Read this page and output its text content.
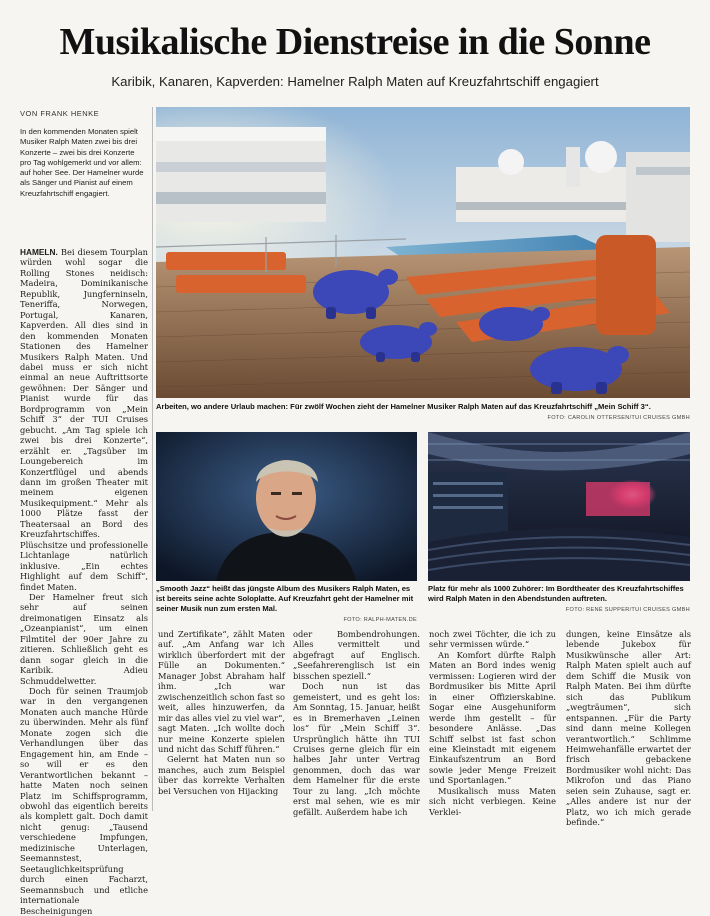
Musikalische Dienstreise in die Sonne
Karibik, Kanaren, Kapverden: Hamelner Ralph Maten auf Kreuzfahrtschiff engagiert
VON FRANK HENKE
In den kommenden Monaten spielt Musiker Ralph Maten zwei bis drei Konzerte – zwei bis drei Konzerte pro Tag wohlgemerkt und vor allem: auf hoher See. Der Hamelner wurde als Sänger und Pianist auf einem Kreuzfahrtschiff engagiert.
Arbeiten, wo andere Urlaub machen: Für zwölf Wochen zieht der Hamelner Musiker Ralph Maten auf das Kreuzfahrtschiff „Mein Schiff 3“.
FOTO: CAROLIN OTTERSEN/TUI CRUISES GMBH
„Smooth Jazz“ heißt das jüngste Album des Musikers Ralph Maten, es ist bereits seine achte Soloplatte. Auf Kreuzfahrt geht der Hamelner mit seiner Musik nun zum ersten Mal.
FOTO: RALPH-MATEN.DE
Platz für mehr als 1000 Zuhörer: Im Bordtheater des Kreuzfahrtschiffes wird Ralph Maten in den Abendstunden auftreten.
FOTO: RENÉ SUPPER/TUI CRUISES GMBH

HAMELN. Bei diesem Tourplan würden wohl sogar die Rolling Stones neidisch: Madeira, Dominikanische Republik, Jungferninseln, Teneriffa, Norwegen, Portugal, Kanaren, Kapverden. All dies sind in den kommenden Monaten Stationen des Hamelner Musikers Ralph Maten. Und dabei muss er sich nicht einmal an neue Auftrittsorte gewöhnen: Der Sänger und Pianist wurde für das Bordprogramm von „Mein Schiff 3“ der TUI Cruises gebucht. „Am Tag spiele ich zwei bis drei Konzerte“, erzählt er. „Tagsüber im Loungebereich im Konzertflügel und abends dann im großen Theater mit meinem eigenen Musikequipment.“ Mehr als 1000 Plätze fasst der Theatersaal an Bord des Kreuzfahrtschiffes. Plüschsitze und professionelle Lichtanlage natürlich inklusive. „Ein echtes Highlight auf dem Schiff“, findet Maten.

Der Hamelner freut sich sehr auf seinen dreimonatigen Einsatz als „Ozeanpianist“, um einen Filmtitel der 90er Jahre zu zitieren. Schließlich geht es dann sogar gleich in die Karibik. Adieu Schmuddelwetter.

Doch für seinen Traumjob war in den vergangenen Monaten auch manche Hürde zu überwinden. Mehr als fünf Monate zogen sich die Verhandlungen über das Engagement hin, am Ende – so will er es den Verantwortlichen bekannt – hatte Maten noch seinen Platz im Schiffsprogramm, obwohl das eigentlich bereits als komplett galt. Doch damit nicht genug: „Tausend verschiedene Impfungen, medizinische Unterlagen, Seemannstest, Seetauglichkeitsprüfung durch einen Facharzt, Seemannsbuch und etliche internationale Bescheinigungen

und Zertifikate“, zählt Maten auf. „Am Anfang war ich wirklich überfordert mit der Fülle an Dokumenten.“ Manager Jobst Abraham half ihm. „Ich war zwischenzeitlich schon fast so weit, alles hinzuwerfen, da mir das alles viel zu viel war“, sagt Maten. „Ich wollte doch nur meine Konzerte spielen und nicht das Schiff führen.“

Gelernt hat Maten nun so manches, auch zum Beispiel über das korrekte Verhalten bei Versuchen von Hijacking

oder Bombendrohungen. Alles vermittelt und abgefragt auf Englisch. „Seefahrerenglisch ist ein bisschen speziell.“

Doch nun ist das gemeistert, und es geht los: Am Sonntag, 15. Januar, heißt es in Bremerhaven „Leinen los“ für „Mein Schiff 3“. Ursprünglich hätte ihn TUI Cruises gerne gleich für ein halbes Jahr unter Vertrag genommen, doch das war dem Hamelner für die erste Tour zu lang. „Ich möchte erst mal sehen, wie es mir gefällt. Außerdem habe ich

noch zwei Töchter, die ich zu sehr vermissen würde.“

An Komfort dürfte Ralph Maten an Bord indes wenig vermissen: Logieren wird der Bordmusiker bis Mitte April in einer Offizierskabine. Sogar eine Ausgehuniform werde ihm gestellt – für besondere Anlässe. „Das Schiff selbst ist fast schon eine Kleinstadt mit eigenem Einkaufszentrum an Bord sowie jeder Menge Freizeit und Sportanlagen.“

Musikalisch muss Maten sich nicht verbiegen. Keine Verklei-

dungen, keine Einsätze als lebende Jukebox für Musikwünsche aller Art: Ralph Maten spielt auch auf dem Schiff die Musik von Ralph Maten. Bei ihm dürfte sich das Publikum „wegträumen“, sich entspannen. „Für die Party sind dann meine Kollegen verantwortlich.“ Schlimme Heimwehanfälle erwartet der frisch gebackene Bordmusiker wohl nicht: Das Mikrofon und das Piano seien sein Zuhause, sagt er. „Alles andere ist nur der Platz, wo ich mich gerade befinde.“
